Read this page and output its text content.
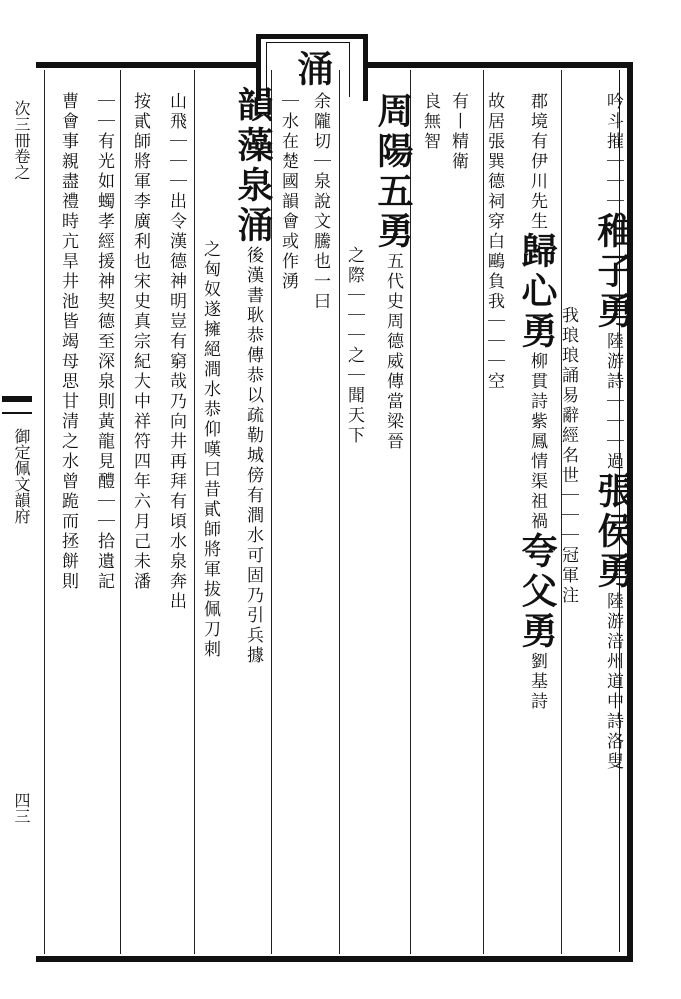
涌
吟斗摧｜｜｜稚子勇陸游詩｜｜｜過張侯勇陸游涪州道中詩洛叟
我琅琅誦易辭經名世｜｜｜冠軍注
郡境有伊川先生歸心勇柳貫詩紫鳳情渠祖禍夸父勇劉基詩
故居張巽德祠穿白鷗負我｜｜｜空
有丨精衛
良無智
周陽五勇五代史周德威傳當梁晉
之際｜｜｜之｜聞天下
余隴切｜泉說文騰也一曰
｜水在楚國韻會或作湧
韻藻泉涌後漢書耿恭傳恭以疏勒城傍有澗水可固乃引兵據
之匈奴遂擁絕澗水恭仰嘆曰昔貳師將軍拔佩刀刺
山飛｜｜｜出令漢德神明豈有窮哉乃向井再拜有頃水泉奔出
按貳師將軍李廣利也宋史真宗紀大中祥符四年六月己未潘
｜｜有光如蠋孝經援神契德至深泉則黃龍見醴｜｜拾遺記
曹會事親盡禮時亢旱井池皆竭母思甘清之水曾跪而拯餅則
次三冊卷之
御定佩文韻府
四三
